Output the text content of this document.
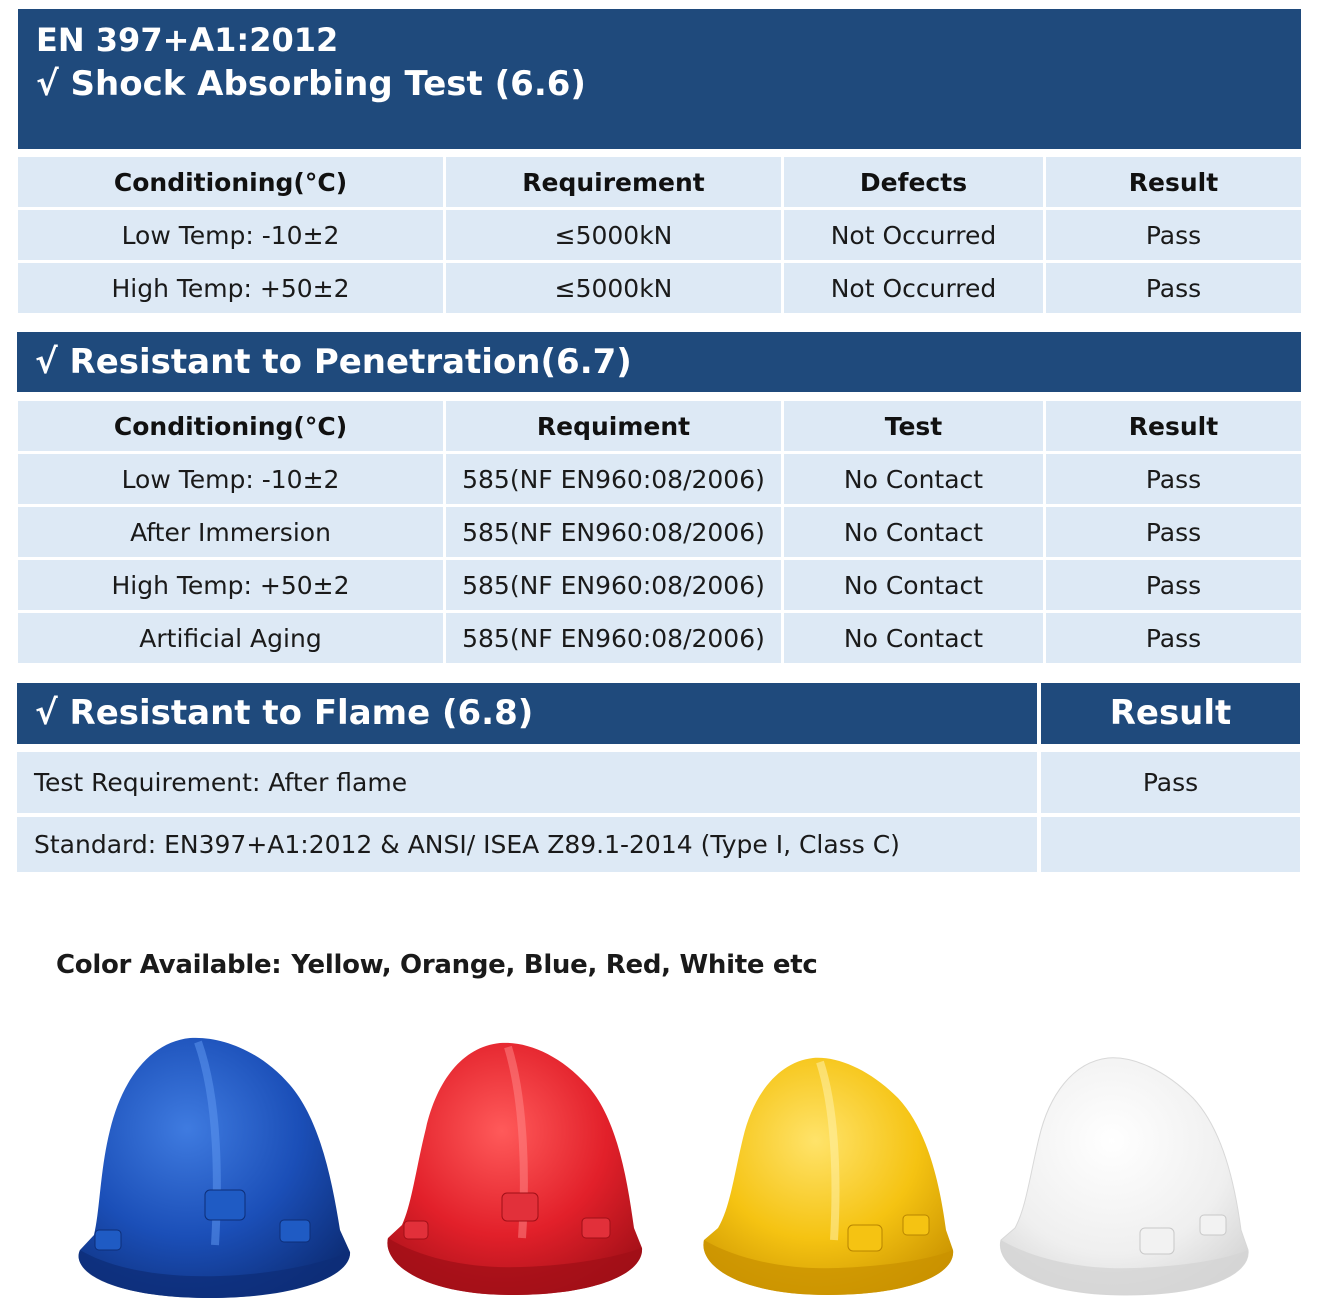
EN 397+A1:2012
√ Shock Absorbing Test (6.6)
Conditioning(°C)	Requirement	Defects	Result
Low Temp: -10±2	≤5000kN	Not Occurred	Pass
High Temp: +50±2	≤5000kN	Not Occurred	Pass
√ Resistant to Penetration(6.7)
Conditioning(°C)	Requiment	Test	Result
Low Temp: -10±2	585(NF EN960:08/2006)	No Contact	Pass
After Immersion	585(NF EN960:08/2006)	No Contact	Pass
High Temp: +50±2	585(NF EN960:08/2006)	No Contact	Pass
Artificial Aging	585(NF EN960:08/2006)	No Contact	Pass
√ Resistant to Flame (6.8)	Result
Test Requirement: After flame	Pass
Standard: EN397+A1:2012 & ANSI/ ISEA Z89.1-2014 (Type I, Class C)
Color Available: Yellow, Orange, Blue, Red, White etc
